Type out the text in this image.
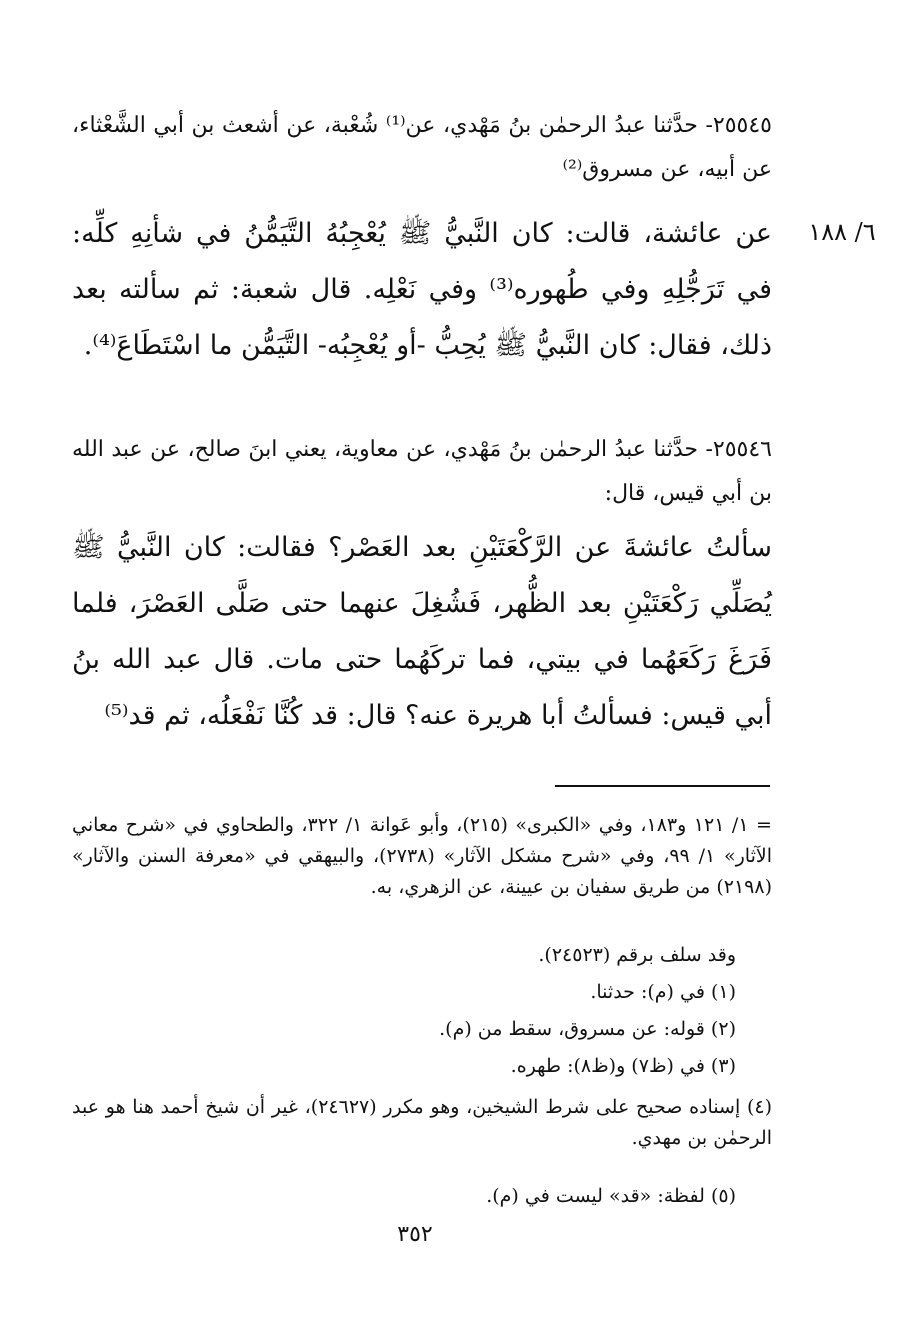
٢٥٥٤٥- حدَّثنا عبدُ الرحمٰن بنُ مَهْدي، عن⁽¹⁾ شُعْبة، عن أشعث بن أبي الشَّعْثاء، عن أبيه، عن مسروق⁽²⁾

٦/ ١٨٨

عن عائشة، قالت: كان النَّبيُّ ﷺ يُعْجِبُهُ التَّيَمُّنُ في شأنِهِ كلِّه: في تَرَجُّلِهِ وفي طُهوره⁽³⁾ وفي نَعْلِه. قال شعبة: ثم سألته بعد ذلك، فقال: كان النَّبيُّ ﷺ يُحِبُّ -أو يُعْجِبُه- التَّيَمُّن ما اسْتَطَاعَ⁽⁴⁾.

٢٥٥٤٦- حدَّثنا عبدُ الرحمٰن بنُ مَهْدي، عن معاوية، يعني ابنَ صالح، عن عبد الله بن أبي قيس، قال:

سألتُ عائشةَ عن الرَّكْعَتَيْنِ بعد العَصْر؟ فقالت: كان النَّبيُّ ﷺ يُصَلِّي رَكْعَتَيْنِ بعد الظُّهر، فَشُغِلَ عنهما حتى صَلَّى العَصْرَ، فلما فَرَغَ رَكَعَهُما في بيتي، فما تركَهُما حتى مات. قال عبد الله بنُ أبي قيس: فسألتُ أبا هريرة عنه؟ قال: قد كُنَّا نَفْعَلُه، ثم قد⁽⁵⁾

= ١/ ١٢١ و١٨٣، وفي «الكبرى» (٢١٥)، وأبو عَوانة ١/ ٣٢٢، والطحاوي في «شرح معاني الآثار» ١/ ٩٩، وفي «شرح مشكل الآثار» (٢٧٣٨)، والبيهقي في «معرفة السنن والآثار» (٢١٩٨) من طريق سفيان بن عيينة، عن الزهري، به.

وقد سلف برقم (٢٤٥٢٣).

(١) في (م): حدثنا.

(٢) قوله: عن مسروق، سقط من (م).

(٣) في (ظ٧) و(ظ٨): طهره.

(٤) إسناده صحيح على شرط الشيخين، وهو مكرر (٢٤٦٢٧)، غير أن شيخ أحمد هنا هو عبد الرحمٰن بن مهدي.

(٥) لفظة: «قد» ليست في (م).

٣٥٢
